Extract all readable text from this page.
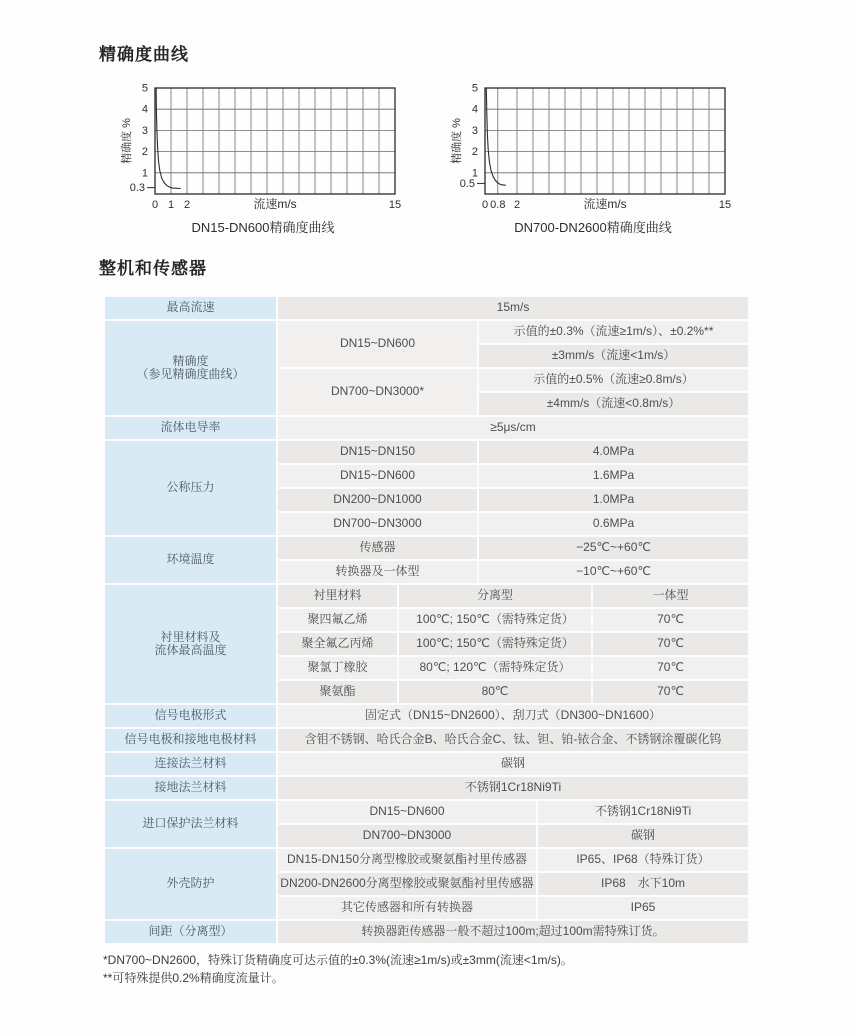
精确度曲线
5
4
3
2
1
0.3
0 1 2	15
流速m/s
精确度 %
DN15-DN600精确度曲线
5
4
3
2
1
0.5
0 0.8 2	15
流速m/s
精确度 %
DN700-DN2600精确度曲线
整机和传感器
最高流速	15m/s				

精确度
（参见精确度曲线）	DN15~DN600		示值的±0.3%（流速≥1m/s）、±0.2%**		
			±3mm/s（流速<1m/s）		
	DN700~DN3000*		示值的±0.5%（流速≥0.8m/s）		
			±4mm/s（流速<0.8m/s）		
流体电导率	≥5μs/cm				
公称压力	DN15~DN150		4.0MPa		
	DN15~DN600		1.6MPa		
	DN200~DN1000		1.0MPa		
	DN700~DN3000		0.6MPa		
环境温度	传感器		−25℃~+60℃		
	转换器及一体型		−10℃~+60℃		

衬里材料及
流体最高温度	衬里材料	分离型			一体型
	聚四氟乙烯	100℃; 150℃（需特殊定货）			70℃
	聚全氟乙丙烯	100℃; 150℃（需特殊定货）			70℃
	聚氯丁橡胶	80℃; 120℃（需特殊定货）			70℃
	聚氨酯	80℃			70℃
信号电极形式	固定式（DN15~DN2600）、刮刀式（DN300~DN1600）				
信号电极和接地电极材料	含钼不锈钢、哈氏合金B、哈氏合金C、钛、钽、铂-铱合金、不锈钢涂覆碳化钨				
连接法兰材料	碳钢				
接地法兰材料	不锈钢1Cr18Ni9Ti				
进口保护法兰材料	DN15~DN600			不锈钢1Cr18Ni9Ti	
	DN700~DN3000			碳钢	
外壳防护	DN15-DN150分离型橡胶或聚氨酯衬里传感器			IP65、IP68（特殊订货）	
	DN200-DN2600分离型橡胶或聚氨酯衬里传感器			IP68　水下10m	
	其它传感器和所有转换器			IP65	
间距（分离型）	转换器距传感器一般不超过100m;超过100m需特殊订货。				
*DN700~DN2600，特殊订货精确度可达示值的±0.3%(流速≥1m/s)或±3mm(流速<1m/s)。
**可特殊提供0.2%精确度流量计。
